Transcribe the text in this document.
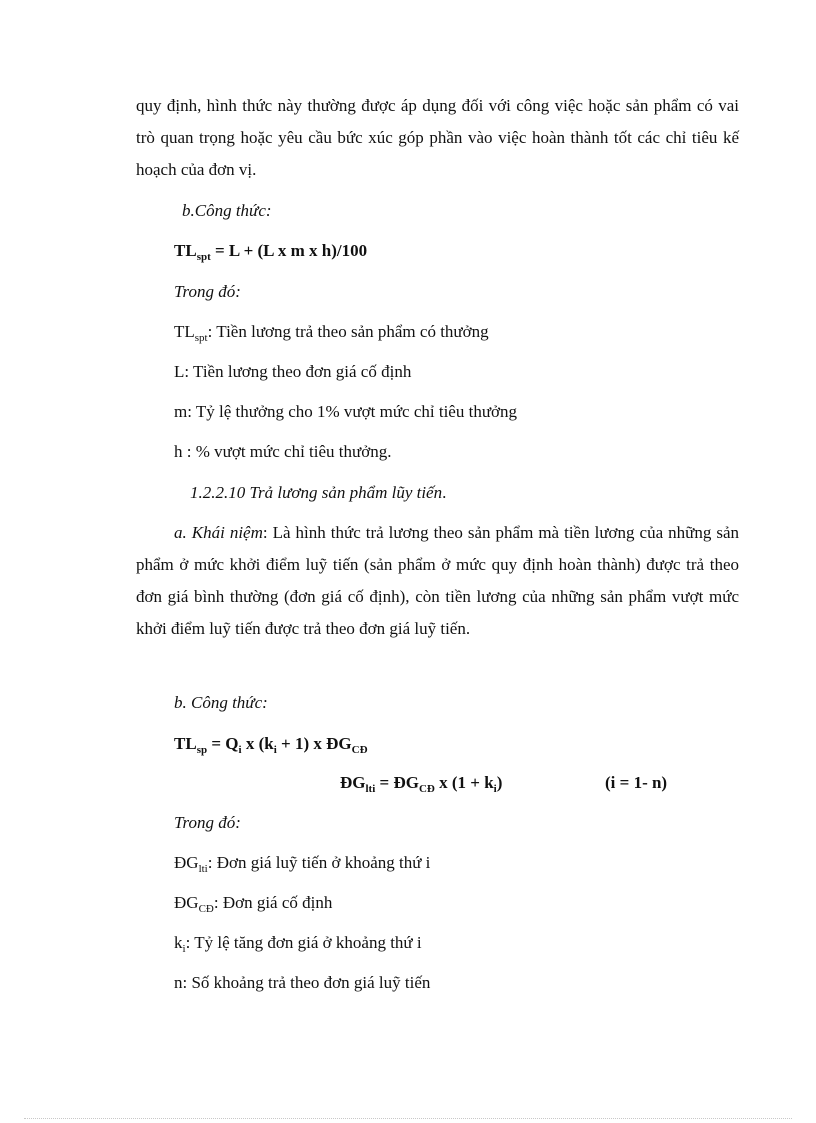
quy định, hình thức này thường được áp dụng đối với công việc hoặc sản phẩm có vai trò quan trọng hoặc yêu cầu bức xúc góp phần vào việc hoàn thành tốt các chỉ tiêu kế hoạch của đơn vị.

b.Công thức:
$TL_{spt} = L + (L$ x m x h)/100
Trong đó:
$TL_{spt}$: Tiền lương trả theo sản phẩm có thưởng
L: Tiền lương theo đơn giá cố định
m: Tỷ lệ thưởng cho 1% vượt mức chỉ tiêu thưởng
h : % vượt mức chỉ tiêu thưởng.
1.2.2.10 Trả lương sản phẩm lũy tiến.

a. Khái niệm: Là hình thức trả lương theo sản phẩm mà tiền lương của những sản phẩm ở mức khởi điểm luỹ tiến (sản phẩm ở mức quy định hoàn thành) được trả theo đơn giá bình thường (đơn giá cố định), còn tiền lương của những sản phẩm vượt mức khởi điểm luỹ tiến được trả theo đơn giá luỹ tiến.

b. Công thức:
$TL_{sp} = Q_i$ x $(k_i + 1)$ x $ĐG_{CĐ}$
$ĐG_{lti}$ = $ĐG_{CĐ}$ x $(1 + k_i)$	(i = 1- n)
Trong đó:
$ĐG_{lti}$: Đơn giá luỹ tiến ở khoảng thứ i
$ĐG_{CĐ}$: Đơn giá cố định
$k_i$: Tỷ lệ tăng đơn giá ở khoảng thứ i
n: Số khoảng trả theo đơn giá luỹ tiến
